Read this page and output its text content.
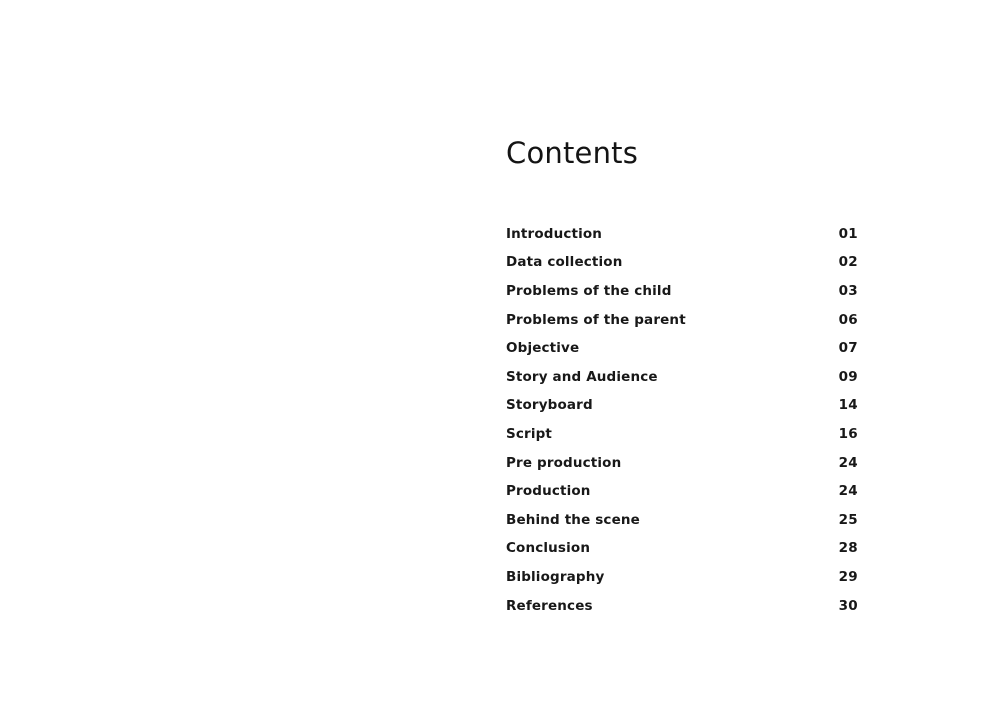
Contents
Introduction	01
Data collection	02
Problems of the child	03
Problems of the parent	06
Objective	07
Story and Audience	09
Storyboard	14
Script	16
Pre production	24
Production	24
Behind the scene	25
Conclusion	28
Bibliography	29
References	30
